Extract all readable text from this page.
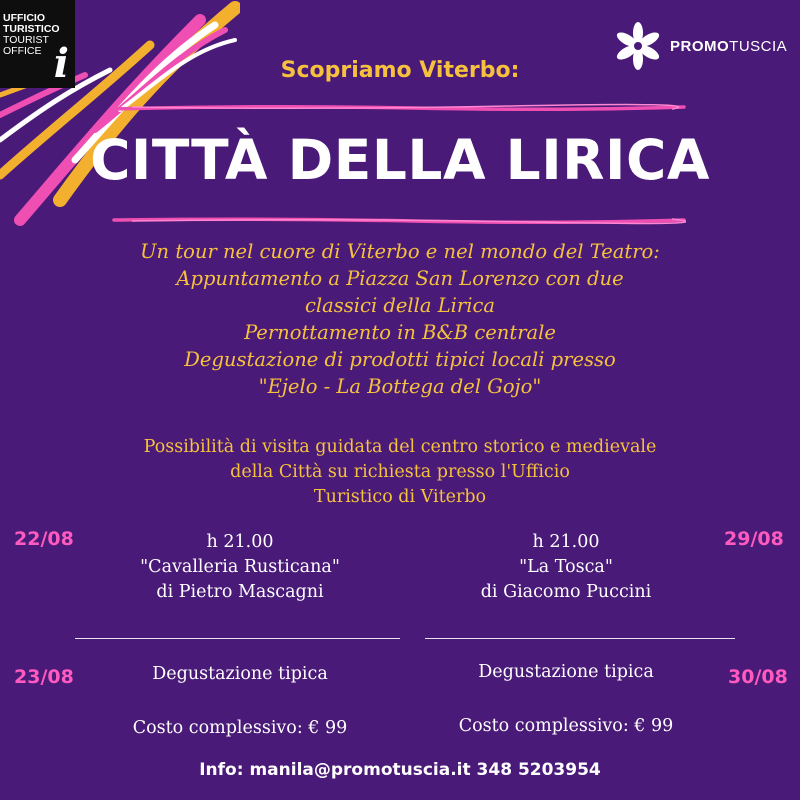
UFFICIO
TURISTICO
TOURIST
OFFICE i	PROMOTUSCIA
Scopriamo Viterbo:
CITTÀ DELLA LIRICA
Un tour nel cuore di Viterbo e nel mondo del Teatro:
Appuntamento a Piazza San Lorenzo con due
classici della Lirica
Pernottamento in B&B centrale
Degustazione di prodotti tipici locali presso
"Ejelo - La Bottega del Gojo"
Possibilità di visita guidata del centro storico e medievale
della Città su richiesta presso l'Ufficio
Turistico di Viterbo
22/08	h 21.00
"Cavalleria Rusticana"
di Pietro Mascagni
23/08	Degustazione tipica
Costo complessivo: € 99
29/08
h 21.00
"La Tosca"
di Giacomo Puccini
30/08
Degustazione tipica
Costo complessivo: € 99
Info: manila@promotuscia.it 348 5203954
